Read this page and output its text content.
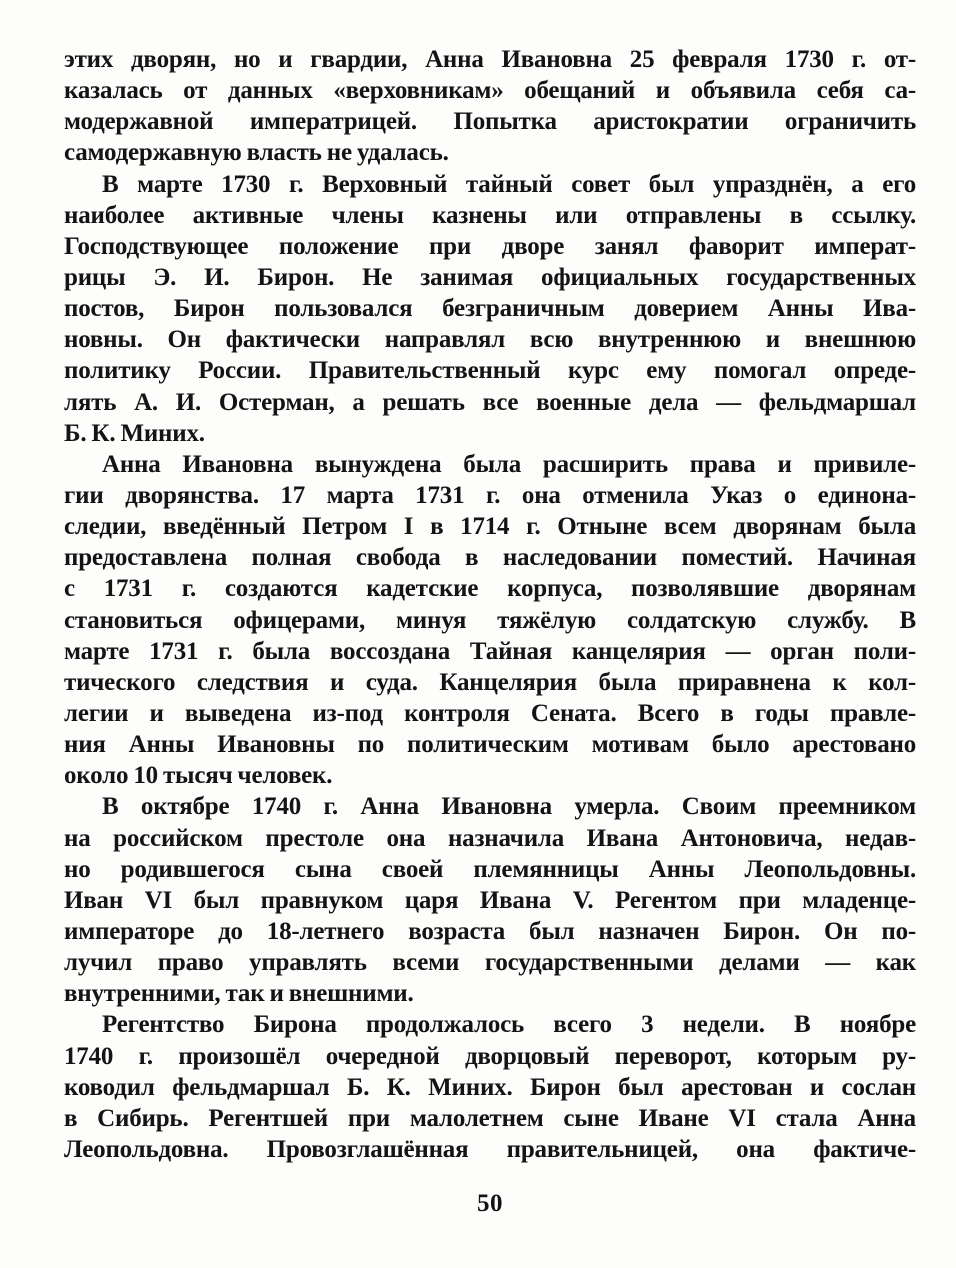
этих дворян, но и гвардии, Анна Ивановна 25 февраля 1730 г. от-
казалась от данных «верховникам» обещаний и объявила себя са-
модержавной императрицей. Попытка аристократии ограничить
самодержавную власть не удалась.
В марте 1730 г. Верховный тайный совет был упразднён, а его
наиболее активные члены казнены или отправлены в ссылку.
Господствующее положение при дворе занял фаворит императ-
рицы Э. И. Бирон. Не занимая официальных государственных
постов, Бирон пользовался безграничным доверием Анны Ива-
новны. Он фактически направлял всю внутреннюю и внешнюю
политику России. Правительственный курс ему помогал опреде-
лять А. И. Остерман, а решать все военные дела — фельдмаршал
Б. К. Миних.
Анна Ивановна вынуждена была расширить права и привиле-
гии дворянства. 17 марта 1731 г. она отменила Указ о единона-
следии, введённый Петром I в 1714 г. Отныне всем дворянам была
предоставлена полная свобода в наследовании поместий. Начиная
с 1731 г. создаются кадетские корпуса, позволявшие дворянам
становиться офицерами, минуя тяжёлую солдатскую службу. В
марте 1731 г. была воссоздана Тайная канцелярия — орган поли-
тического следствия и суда. Канцелярия была приравнена к кол-
легии и выведена из-под контроля Сената. Всего в годы правле-
ния Анны Ивановны по политическим мотивам было арестовано
около 10 тысяч человек.
В октябре 1740 г. Анна Ивановна умерла. Своим преемником
на российском престоле она назначила Ивана Антоновича, недав-
но родившегося сына своей племянницы Анны Леопольдовны.
Иван VI был правнуком царя Ивана V. Регентом при младенце-
императоре до 18-летнего возраста был назначен Бирон. Он по-
лучил право управлять всеми государственными делами — как
внутренними, так и внешними.
Регентство Бирона продолжалось всего 3 недели. В ноябре
1740 г. произошёл очередной дворцовый переворот, которым ру-
ководил фельдмаршал Б. К. Миних. Бирон был арестован и сослан
в Сибирь. Регентшей при малолетнем сыне Иване VI стала Анна
Леопольдовна. Провозглашённая правительницей, она фактиче-
50
